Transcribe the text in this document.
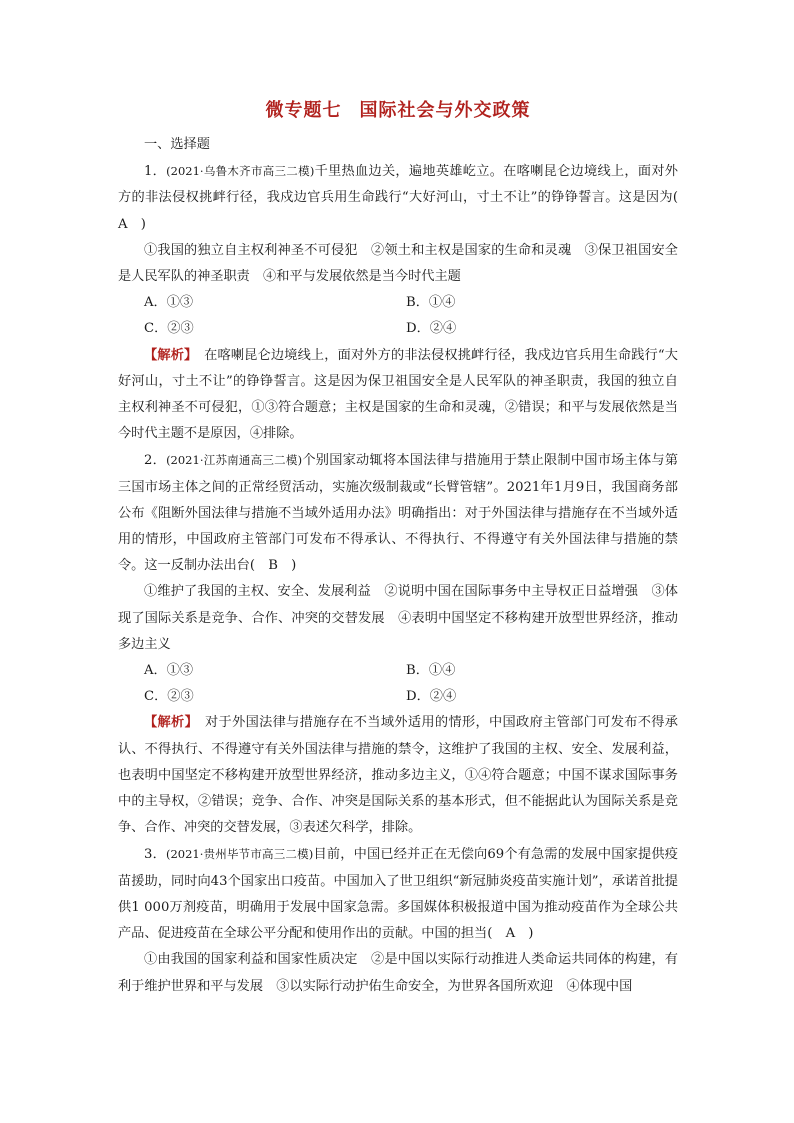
微专题七 国际社会与外交政策

一、选择题

1．(2021·乌鲁木齐市高三二模)千里热血边关，遍地英雄屹立。在喀喇昆仑边境线上，面对外方的非法侵权挑衅行径，我戍边官兵用生命践行“大好河山，寸土不让”的铮铮誓言。这是因为(　A　)

①我国的独立自主权利神圣不可侵犯　②领土和主权是国家的生命和灵魂　③保卫祖国安全是人民军队的神圣职责　④和平与发展依然是当今时代主题

A．①③	B．①④
C．②③	D．②④

【解析】　在喀喇昆仑边境线上，面对外方的非法侵权挑衅行径，我戍边官兵用生命践行“大好河山，寸土不让”的铮铮誓言。这是因为保卫祖国安全是人民军队的神圣职责，我国的独立自主权利神圣不可侵犯，①③符合题意；主权是国家的生命和灵魂，②错误；和平与发展依然是当今时代主题不是原因，④排除。

2．(2021·江苏南通高三二模)个别国家动辄将本国法律与措施用于禁止限制中国市场主体与第三国市场主体之间的正常经贸活动，实施次级制裁或“长臂管辖”。2021年1月9日，我国商务部公布《阻断外国法律与措施不当域外适用办法》明确指出：对于外国法律与措施存在不当域外适用的情形，中国政府主管部门可发布不得承认、不得执行、不得遵守有关外国法律与措施的禁令。这一反制办法出台(　B　)

①维护了我国的主权、安全、发展利益　②说明中国在国际事务中主导权正日益增强　③体现了国际关系是竞争、合作、冲突的交替发展　④表明中国坚定不移构建开放型世界经济，推动多边主义

A．①③	B．①④
C．②③	D．②④

【解析】　对于外国法律与措施存在不当域外适用的情形，中国政府主管部门可发布不得承认、不得执行、不得遵守有关外国法律与措施的禁令，这维护了我国的主权、安全、发展利益，也表明中国坚定不移构建开放型世界经济，推动多边主义，①④符合题意；中国不谋求国际事务中的主导权，②错误；竞争、合作、冲突是国际关系的基本形式，但不能据此认为国际关系是竞争、合作、冲突的交替发展，③表述欠科学，排除。

3．(2021·贵州毕节市高三二模)目前，中国已经并正在无偿向69个有急需的发展中国家提供疫苗援助，同时向43个国家出口疫苗。中国加入了世卫组织“新冠肺炎疫苗实施计划”，承诺首批提供1 000万剂疫苗，明确用于发展中国家急需。多国媒体积极报道中国为推动疫苗作为全球公共产品、促进疫苗在全球公平分配和使用作出的贡献。中国的担当(　A　)

①由我国的国家利益和国家性质决定　②是中国以实际行动推进人类命运共同体的构建，有利于维护世界和平与发展　③以实际行动护佑生命安全，为世界各国所欢迎　④体现中国
